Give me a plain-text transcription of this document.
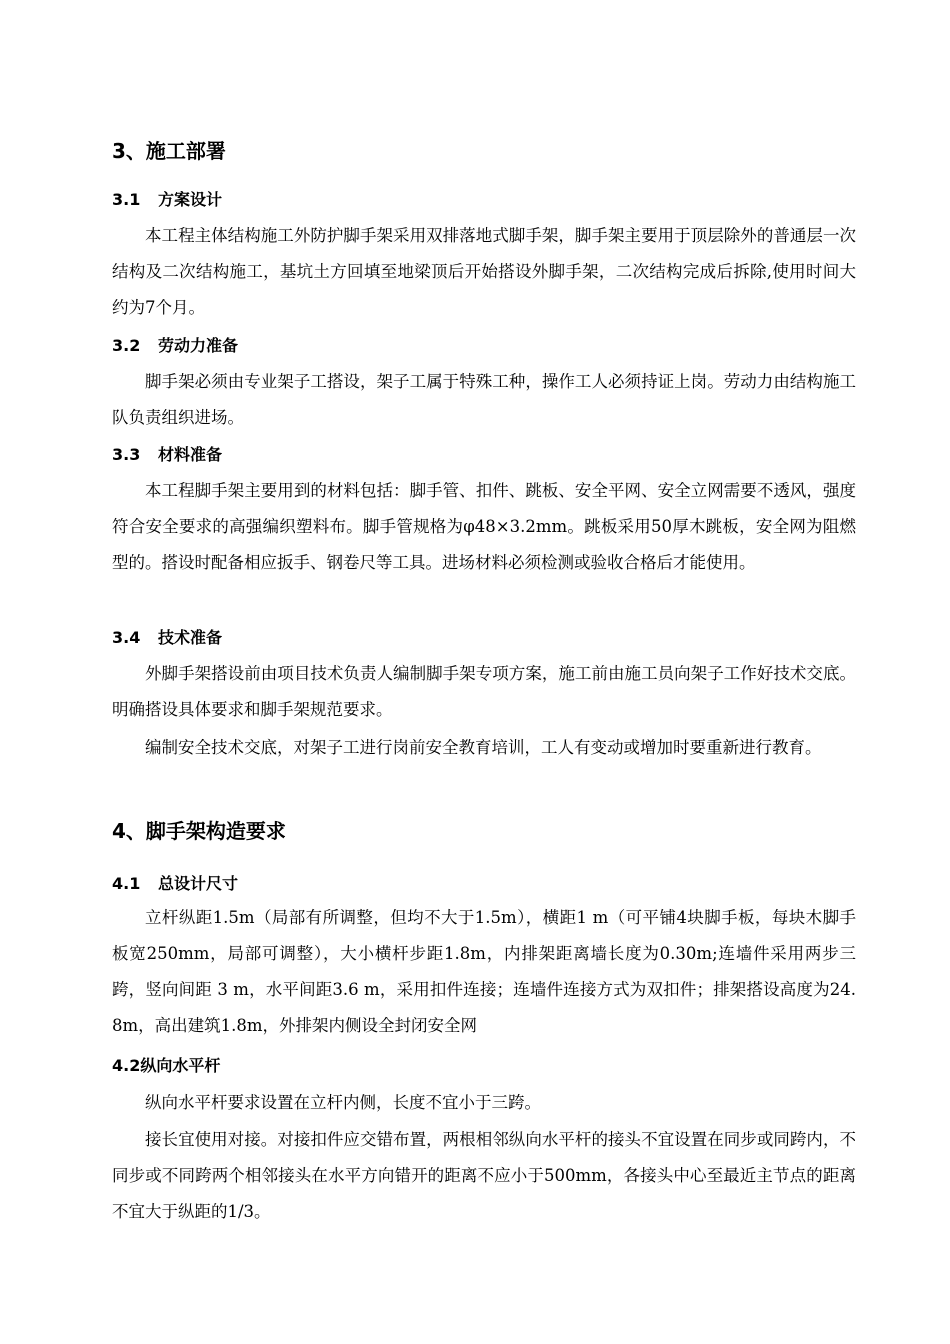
3、施工部署
3.1 方案设计
本工程主体结构施工外防护脚手架采用双排落地式脚手架，脚手架主要用于顶层除外的普通层一次结构及二次结构施工，基坑土方回填至地梁顶后开始搭设外脚手架，二次结构完成后拆除,使用时间大约为7个月。
3.2 劳动力准备
脚手架必须由专业架子工搭设，架子工属于特殊工种，操作工人必须持证上岗。劳动力由结构施工队负责组织进场。
3.3 材料准备
本工程脚手架主要用到的材料包括：脚手管、扣件、跳板、安全平网、安全立网需要不透风，强度符合安全要求的高强编织塑料布。脚手管规格为φ48×3.2mm。跳板采用50厚木跳板，安全网为阻燃型的。搭设时配备相应扳手、钢卷尺等工具。进场材料必须检测或验收合格后才能使用。
3.4 技术准备
外脚手架搭设前由项目技术负责人编制脚手架专项方案，施工前由施工员向架子工作好技术交底。明确搭设具体要求和脚手架规范要求。
编制安全技术交底，对架子工进行岗前安全教育培训，工人有变动或增加时要重新进行教育。
4、脚手架构造要求
4.1 总设计尺寸
立杆纵距1.5m（局部有所调整，但均不大于1.5m），横距1 m（可平铺4块脚手板，每块木脚手板宽250mm，局部可调整），大小横杆步距1.8m，内排架距离墙长度为0.30m;连墙件采用两步三跨，竖向间距 3 m，水平间距3.6 m，采用扣件连接；连墙件连接方式为双扣件；排架搭设高度为24.8m，高出建筑1.8m，外排架内侧设全封闭安全网
4.2纵向水平杆
纵向水平杆要求设置在立杆内侧，长度不宜小于三跨。
接长宜使用对接。对接扣件应交错布置，两根相邻纵向水平杆的接头不宜设置在同步或同跨内，不同步或不同跨两个相邻接头在水平方向错开的距离不应小于500mm，各接头中心至最近主节点的距离不宜大于纵距的1/3。
